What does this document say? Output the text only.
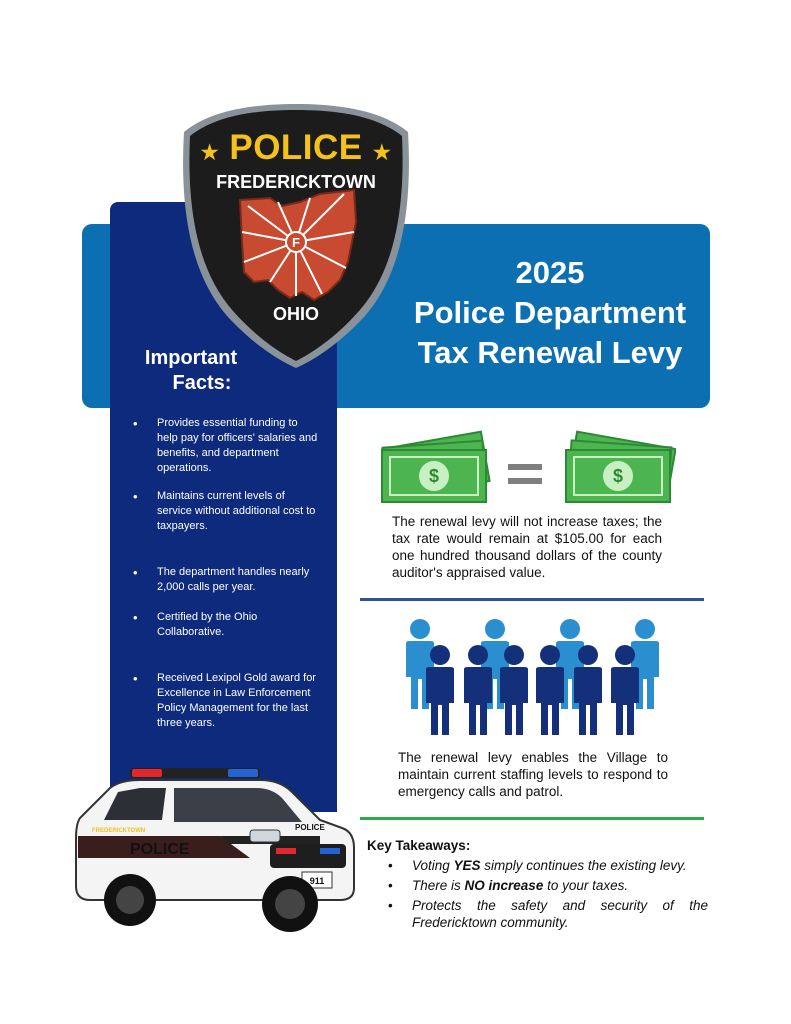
F
★ POLICE ★
FREDERICKTOWN
OHIO
2025
Police Department
Tax Renewal Levy
Important
Facts:
•	Provides essential funding to help pay for officers' salaries and benefits, and department operations.
•	Maintains current levels of service without additional cost to taxpayers.
•	The department handles nearly 2,000 calls per year.
•	Certified by the Ohio Collaborative.
•	Received Lexipol Gold award for Excellence in Law Enforcement Policy Management for the last three years.
$	$
The renewal levy will not increase taxes; the tax rate would remain at $105.00 for each one hundred thousand dollars of the county auditor's appraised value.
The renewal levy enables the Village to maintain current staffing levels to respond to emergency calls and patrol.
Key Takeaways:
•	Voting YES simply continues the existing levy.
•	There is NO increase to your taxes.
•	Protects the safety and security of the Fredericktown community.
911
POLICE
POLICE
FREDERICKTOWN
